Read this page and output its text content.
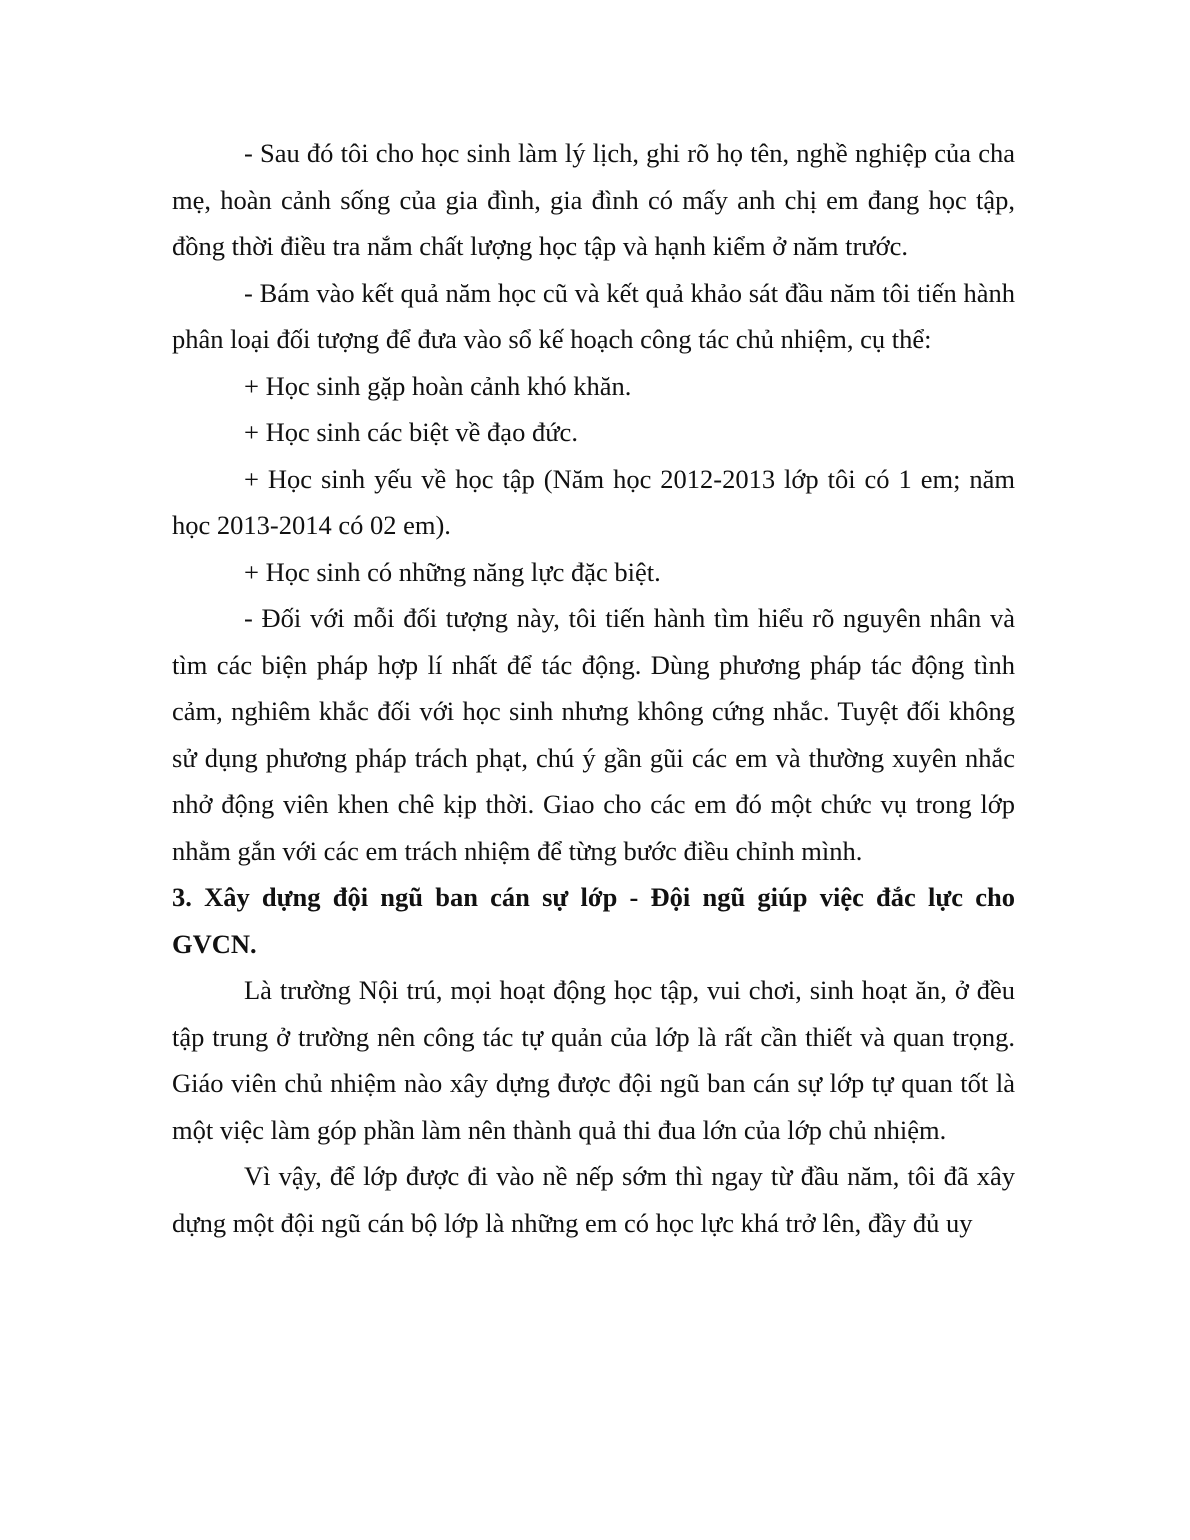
- Sau đó tôi cho học sinh làm lý lịch, ghi rõ họ tên, nghề nghiệp của cha mẹ, hoàn cảnh sống của gia đình, gia đình có mấy anh chị em đang học tập, đồng thời điều tra nắm chất lượng học tập và hạnh kiểm ở năm trước.

- Bám vào kết quả năm học cũ và kết quả khảo sát đầu năm tôi tiến hành phân loại đối tượng để đưa vào sổ kế hoạch công tác chủ nhiệm, cụ thể:

+ Học sinh gặp hoàn cảnh khó khăn.

+ Học sinh các biệt về đạo đức.

+ Học sinh yếu về học tập (Năm học 2012-2013 lớp tôi có 1 em; năm học 2013-2014 có 02 em).

+ Học sinh có những năng lực đặc biệt.

- Đối với mỗi đối tượng này, tôi tiến hành tìm hiểu rõ nguyên nhân và tìm các biện pháp hợp lí nhất để tác động. Dùng phương pháp tác động tình cảm, nghiêm khắc đối với học sinh nhưng không cứng nhắc. Tuyệt đối không sử dụng phương pháp trách phạt, chú ý gần gũi các em và thường xuyên nhắc nhở động viên khen chê kịp thời. Giao cho các em đó một chức vụ trong lớp nhằm gắn với các em trách nhiệm để từng bước điều chỉnh mình.

3. Xây dựng đội ngũ ban cán sự lớp - Đội ngũ giúp việc đắc lực cho GVCN.

Là trường Nội trú, mọi hoạt động học tập, vui chơi, sinh hoạt ăn, ở đều tập trung ở trường nên công tác tự quản của lớp là rất cần thiết và quan trọng. Giáo viên chủ nhiệm nào xây dựng được đội ngũ ban cán sự lớp tự quan tốt là một việc làm góp phần làm nên thành quả thi đua lớn của lớp chủ nhiệm.

Vì vậy, để lớp được đi vào nề nếp sớm thì ngay từ đầu năm, tôi đã xây dựng một đội ngũ cán bộ lớp là những em có học lực khá trở lên, đầy đủ uy
